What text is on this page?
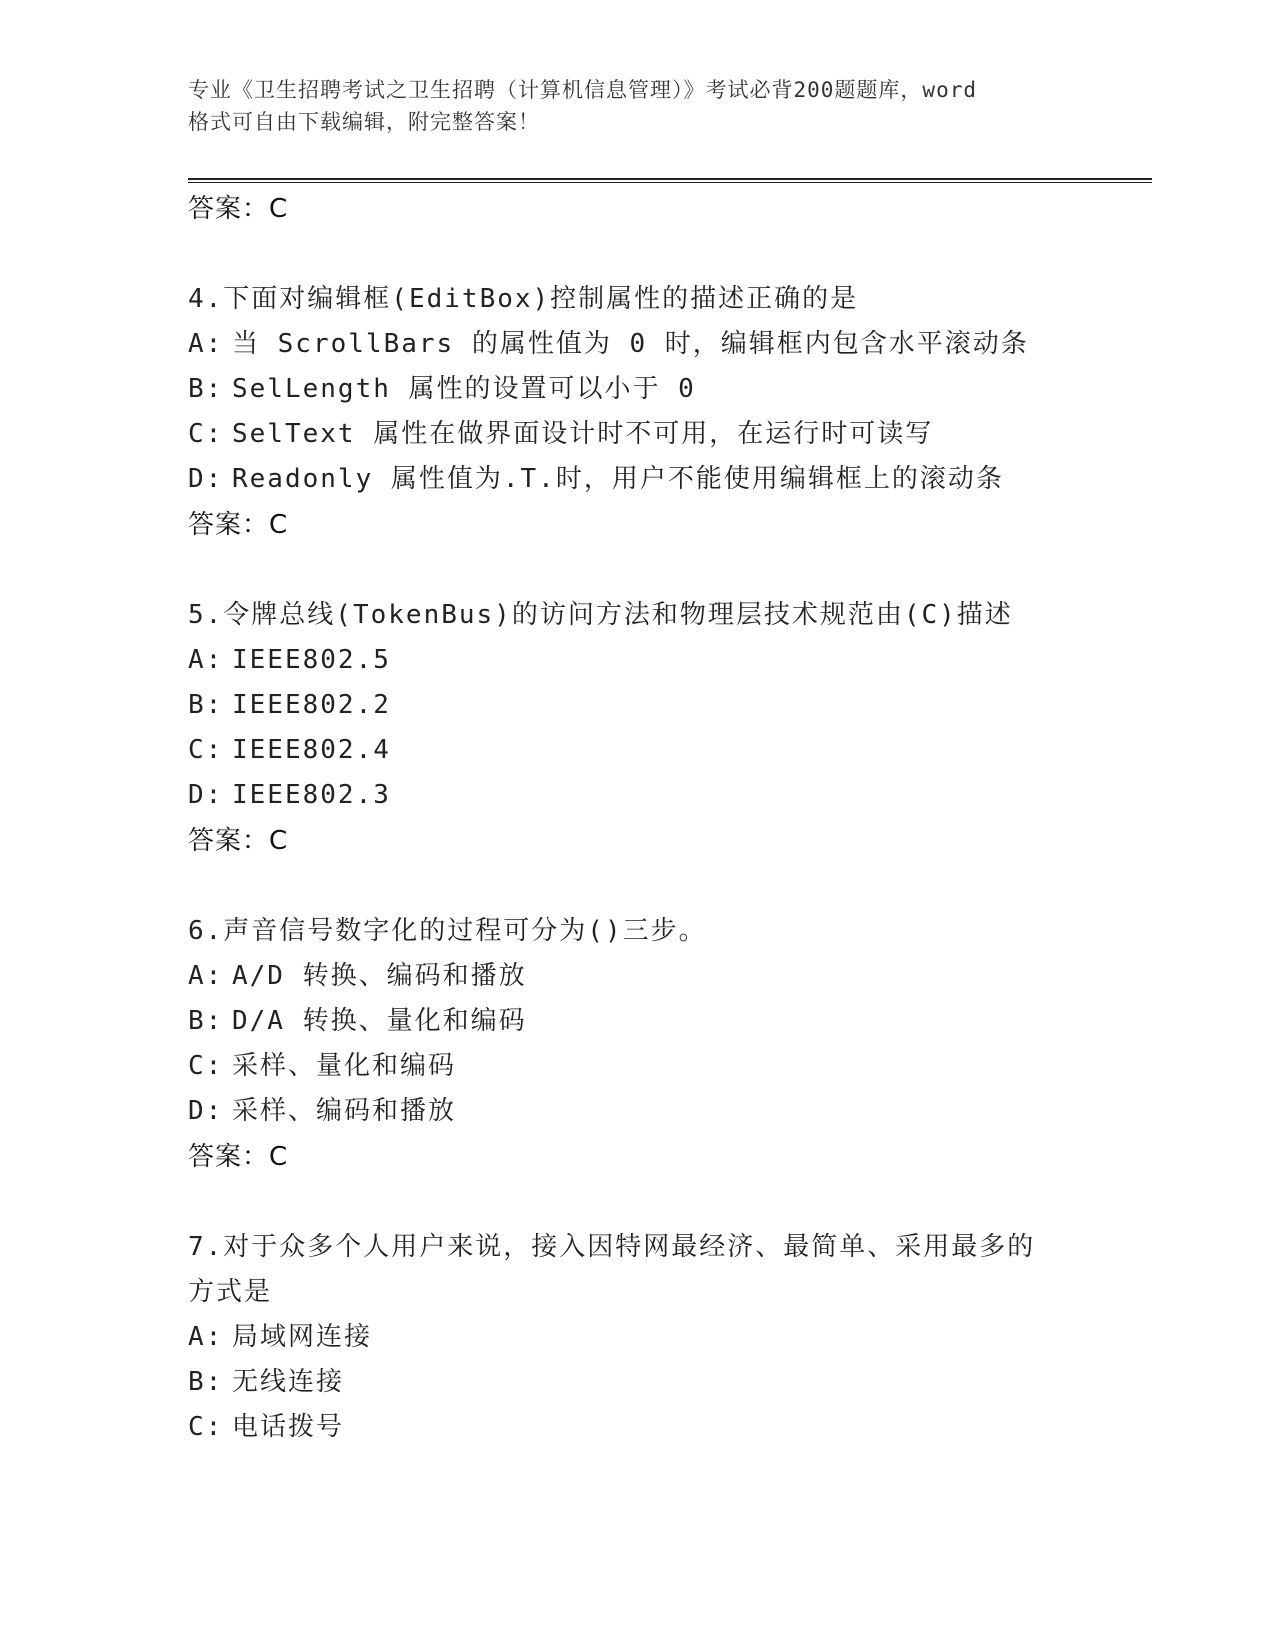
专业《卫生招聘考试之卫生招聘（计算机信息管理）》考试必背200题题库，word
格式可自由下载编辑，附完整答案！

答案：C

4.下面对编辑框(EditBox)控制属性的描述正确的是

A: 当 ScrollBars 的属性值为 0 时，编辑框内包含水平滚动条

B: SelLength 属性的设置可以小于 0

C: SelText 属性在做界面设计时不可用，在运行时可读写

D: Readonly 属性值为.T.时，用户不能使用编辑框上的滚动条

答案：C

5.令牌总线(TokenBus)的访问方法和物理层技术规范由(C)描述

A: IEEE802.5

B: IEEE802.2

C: IEEE802.4

D: IEEE802.3

答案：C

6.声音信号数字化的过程可分为()三步。

A: A/D 转换、编码和播放

B: D/A 转换、量化和编码

C: 采样、量化和编码

D: 采样、编码和播放

答案：C

7.对于众多个人用户来说，接入因特网最经济、最简单、采用最多的

方式是

A: 局域网连接

B: 无线连接

C: 电话拨号
